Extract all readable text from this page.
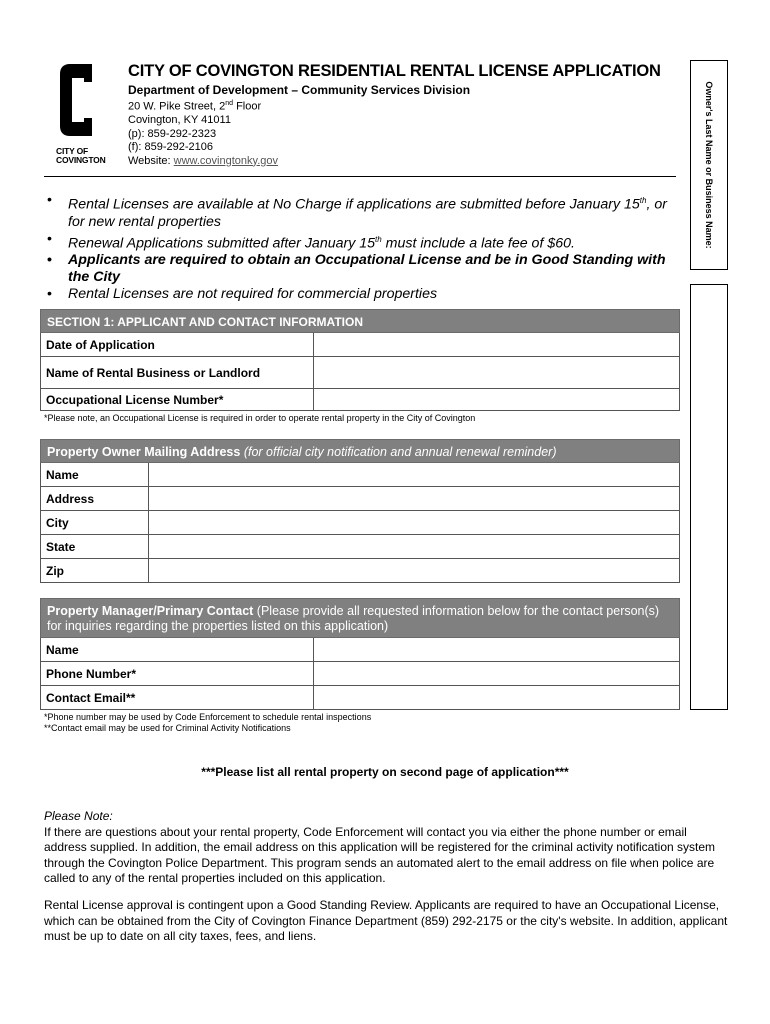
CITY OF
COVINGTON
CITY OF COVINGTON RESIDENTIAL RENTAL LICENSE APPLICATION
Department of Development – Community Services Division
20 W. Pike Street, 2nd Floor
Covington, KY 41011
(p): 859-292-2323
(f): 859-292-2106
Website: www.covingtonky.gov	Owner's Last Name or Business Name:
• Rental Licenses are available at No Charge if applications are submitted before January 15th, or for new rental properties
• Renewal Applications submitted after January 15th must include a late fee of $60.
• Applicants are required to obtain an Occupational License and be in Good Standing with the City
• Rental Licenses are not required for commercial properties
SECTION 1: APPLICANT AND CONTACT INFORMATION
Date of Application
Name of Rental Business or Landlord
Occupational License Number*
*Please note, an Occupational License is required in order to operate rental property in the City of Covington
Property Owner Mailing Address (for official city notification and annual renewal reminder)
Name
Address
City
State
Zip
Property Manager/Primary Contact (Please provide all requested information below for the contact person(s) for inquiries regarding the properties listed on this application)
Name
Phone Number*
Contact Email**
*Phone number may be used by Code Enforcement to schedule rental inspections
**Contact email may be used for Criminal Activity Notifications
***Please list all rental property on second page of application***
Please Note:
If there are questions about your rental property, Code Enforcement will contact you via either the phone number or email address supplied. In addition, the email address on this application will be registered for the criminal activity notification system through the Covington Police Department. This program sends an automated alert to the email address on file when police are called to any of the rental properties included on this application.
Rental License approval is contingent upon a Good Standing Review. Applicants are required to have an Occupational License, which can be obtained from the City of Covington Finance Department (859) 292-2175 or the city's website. In addition, applicant must be up to date on all city taxes, fees, and liens.
